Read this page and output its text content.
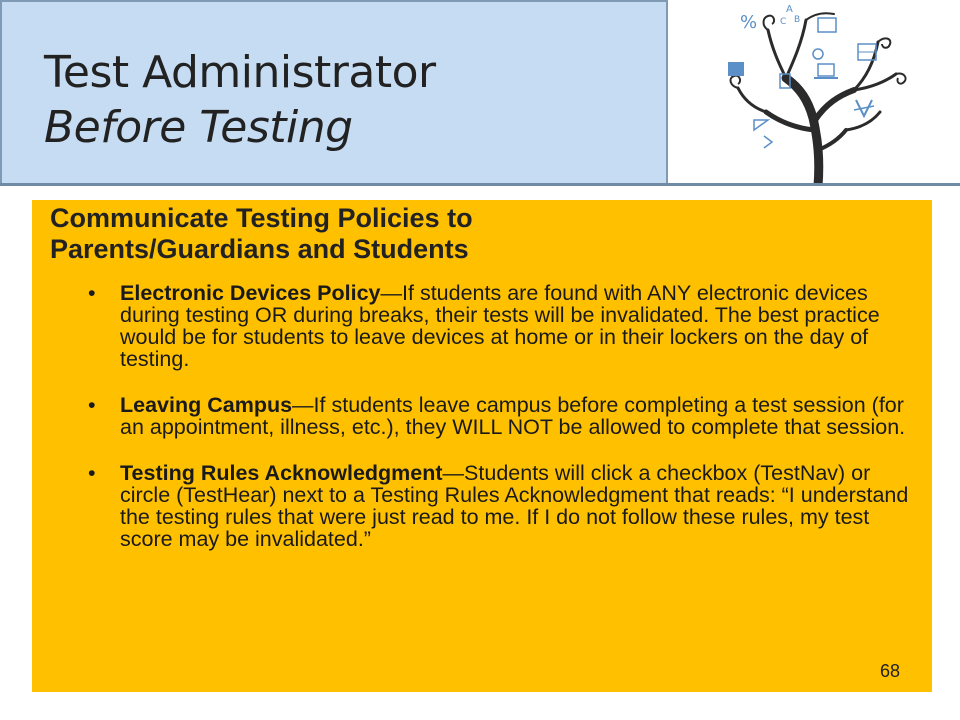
Test Administrator
Before Testing
%
A
B
C
Communicate Testing Policies to
Parents/Guardians and Students
• Electronic Devices Policy—If students are found with ANY electronic devices during testing OR during breaks, their tests will be invalidated. The best practice would be for students to leave devices at home or in their lockers on the day of testing.
• Leaving Campus—If students leave campus before completing a test session (for an appointment, illness, etc.), they WILL NOT be allowed to complete that session.
• Testing Rules Acknowledgment—Students will click a checkbox (TestNav) or circle (TestHear) next to a Testing Rules Acknowledgment that reads: “I understand the testing rules that were just read to me. If I do not follow these rules, my test score may be invalidated.”
68
